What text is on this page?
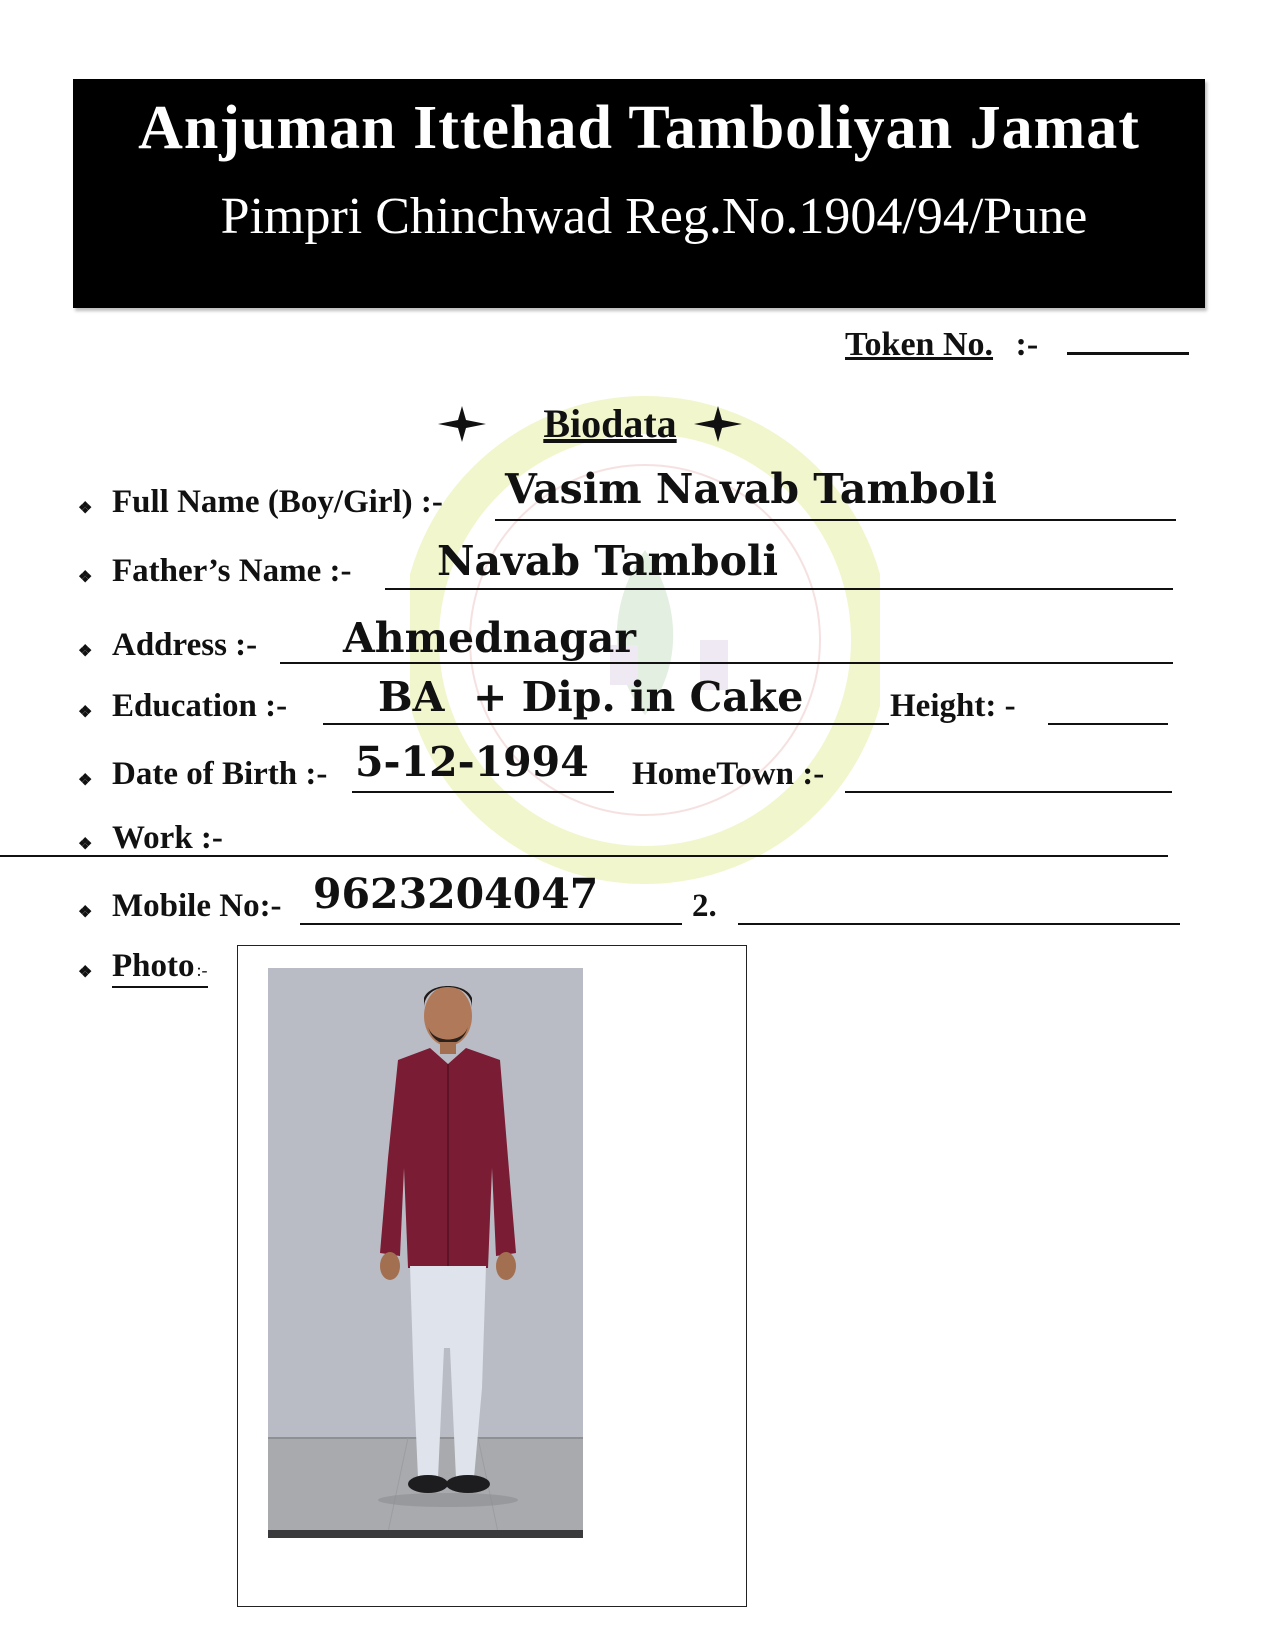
Anjuman Ittehad Tamboliyan Jamat
Pimpri Chinchwad Reg.No.1904/94/Pune
Token No. :-
Biodata
❖ Full Name (Boy/Girl) :- Vasim Navab Tamboli
❖ Father’s Name :- Navab Tamboli
❖ Address :- Ahmednagar
❖ Education :- BA  + Dip. in Cake	Height: -
❖ Date of Birth :- 5-12-1994 HomeTown :-
❖ Work :-
❖ Mobile No:- 9623204047	2.
❖ Photo :-
